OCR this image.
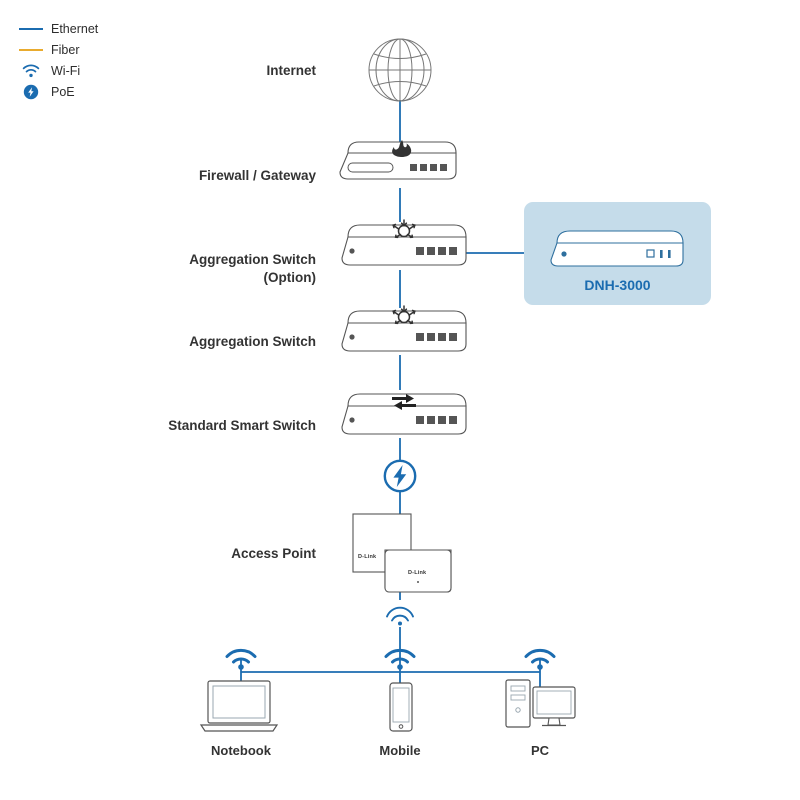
Ethernet
Fiber
Wi-Fi
PoE
Internet
Firewall / Gateway
Aggregation Switch
(Option)
Aggregation Switch
Standard Smart Switch
Access Point
DNH-3000
D-Link
D-Link
Notebook	Mobile	PC
